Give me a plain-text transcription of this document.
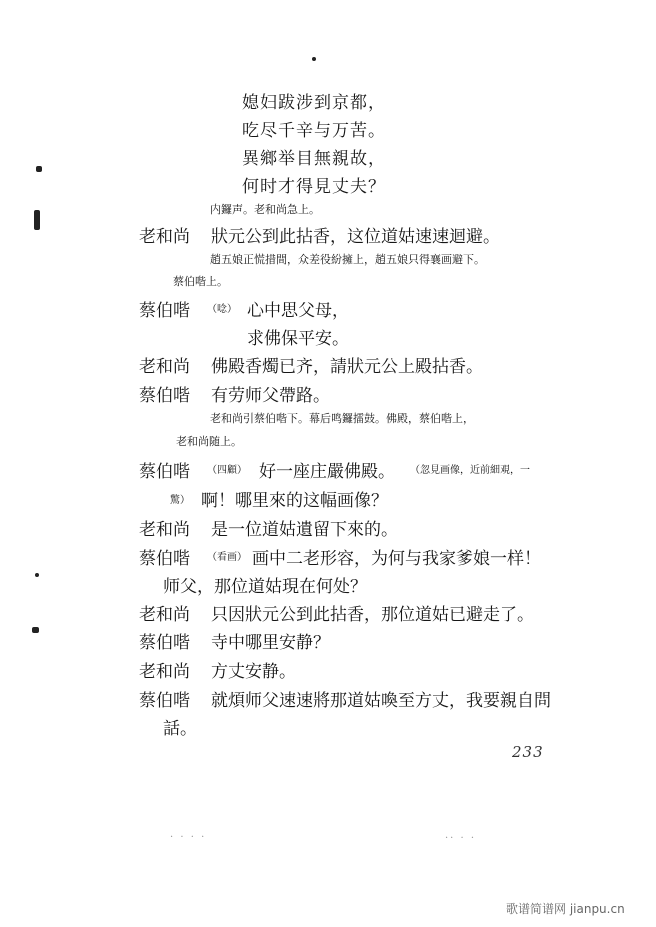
媳妇跋涉到京都，
吃尽千辛与万苦。
異鄉举目無親故，
何时才得見丈夫？
内鑼声。老和尚急上。
老和尚 狀元公到此拈香，这位道姑速速迴避。
趙五娘正慌措間，众差役紛擁上，趙五娘只得襄画避下。
蔡伯喈上。
蔡伯喈 （唸） 心中思父母，
求佛保平安。
老和尚 佛殿香燭已齐，請狀元公上殿拈香。
蔡伯喈 有劳师父帶路。
老和尚引蔡伯喈下。幕后鸣鑼擂鼓。佛殿，蔡伯喈上，
老和尚随上。
蔡伯喈 （四顧） 好一座庄嚴佛殿。 （忽見画像，近前細覌，一
驚） 啊！哪里來的这幅画像？
老和尚 是一位道姑遺留下來的。
蔡伯喈 （看画） 画中二老形容，为何与我家爹娘一样！
师父，那位道姑現在何处？
老和尚 只因狀元公到此拈香，那位道姑已避走了。
蔡伯喈 寺中哪里安静？
老和尚 方丈安静。
蔡伯喈 就煩师父速速將那道姑喚至方丈，我要親自問
話。
233
· · · ·	·· · ·
歌谱简谱网 jianpu.cn
